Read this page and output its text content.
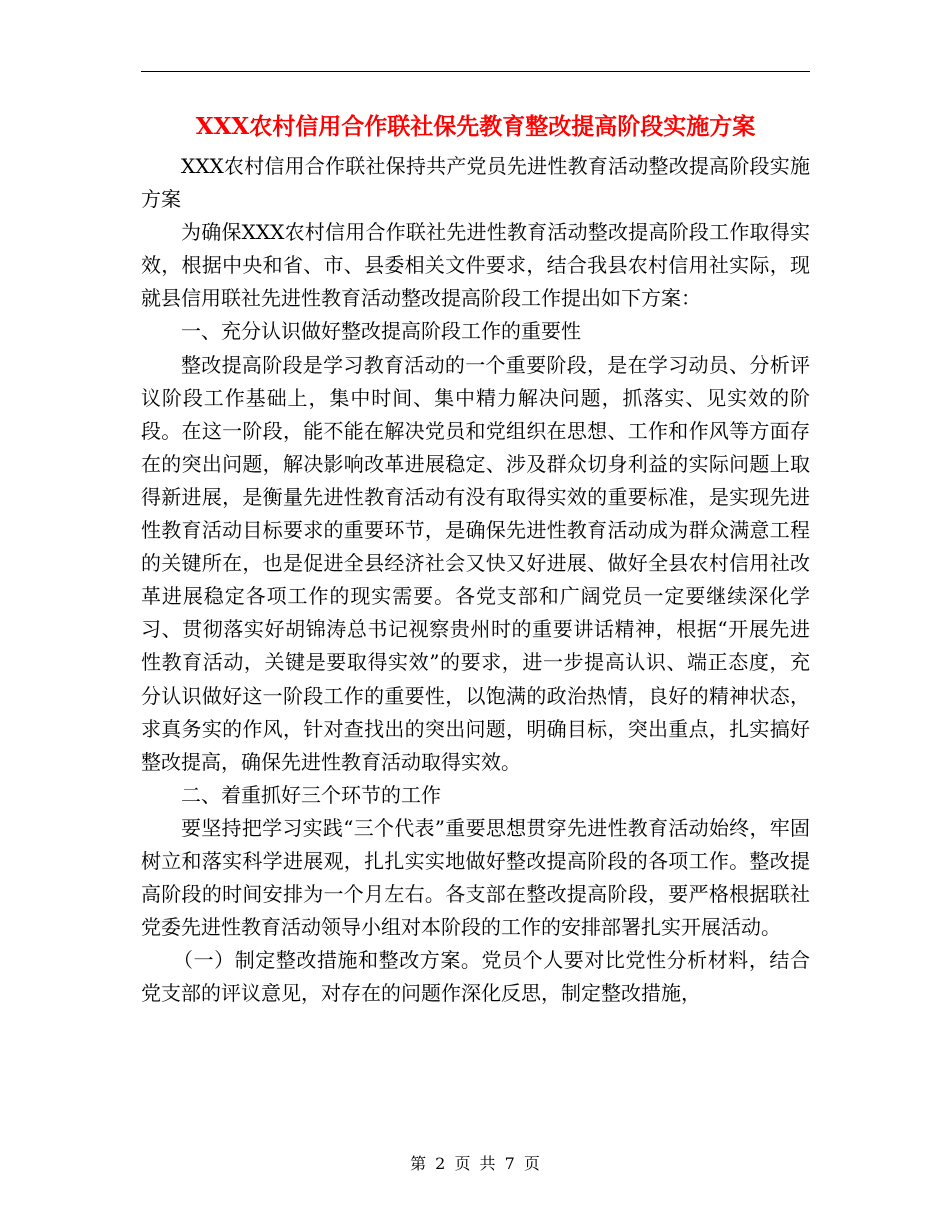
XXX农村信用合作联社保先教育整改提高阶段实施方案

XXX农村信用合作联社保持共产党员先进性教育活动整改提高阶段实施方案

为确保XXX农村信用合作联社先进性教育活动整改提高阶段工作取得实效，根据中央和省、市、县委相关文件要求，结合我县农村信用社实际，现就县信用联社先进性教育活动整改提高阶段工作提出如下方案：

一、充分认识做好整改提高阶段工作的重要性

整改提高阶段是学习教育活动的一个重要阶段，是在学习动员、分析评议阶段工作基础上，集中时间、集中精力解决问题，抓落实、见实效的阶段。在这一阶段，能不能在解决党员和党组织在思想、工作和作风等方面存在的突出问题，解决影响改革进展稳定、涉及群众切身利益的实际问题上取得新进展，是衡量先进性教育活动有没有取得实效的重要标准，是实现先进性教育活动目标要求的重要环节，是确保先进性教育活动成为群众满意工程的关键所在，也是促进全县经济社会又快又好进展、做好全县农村信用社改革进展稳定各项工作的现实需要。各党支部和广阔党员一定要继续深化学习、贯彻落实好胡锦涛总书记视察贵州时的重要讲话精神，根据“开展先进性教育活动，关键是要取得实效”的要求，进一步提高认识、端正态度，充分认识做好这一阶段工作的重要性，以饱满的政治热情，良好的精神状态，求真务实的作风，针对查找出的突出问题，明确目标，突出重点，扎实搞好整改提高，确保先进性教育活动取得实效。

二、着重抓好三个环节的工作

要坚持把学习实践“三个代表”重要思想贯穿先进性教育活动始终，牢固树立和落实科学进展观，扎扎实实地做好整改提高阶段的各项工作。整改提高阶段的时间安排为一个月左右。各支部在整改提高阶段，要严格根据联社党委先进性教育活动领导小组对本阶段的工作的安排部署扎实开展活动。

（一）制定整改措施和整改方案。党员个人要对比党性分析材料，结合党支部的评议意见，对存在的问题作深化反思，制定整改措施，

第 2 页 共 7 页
